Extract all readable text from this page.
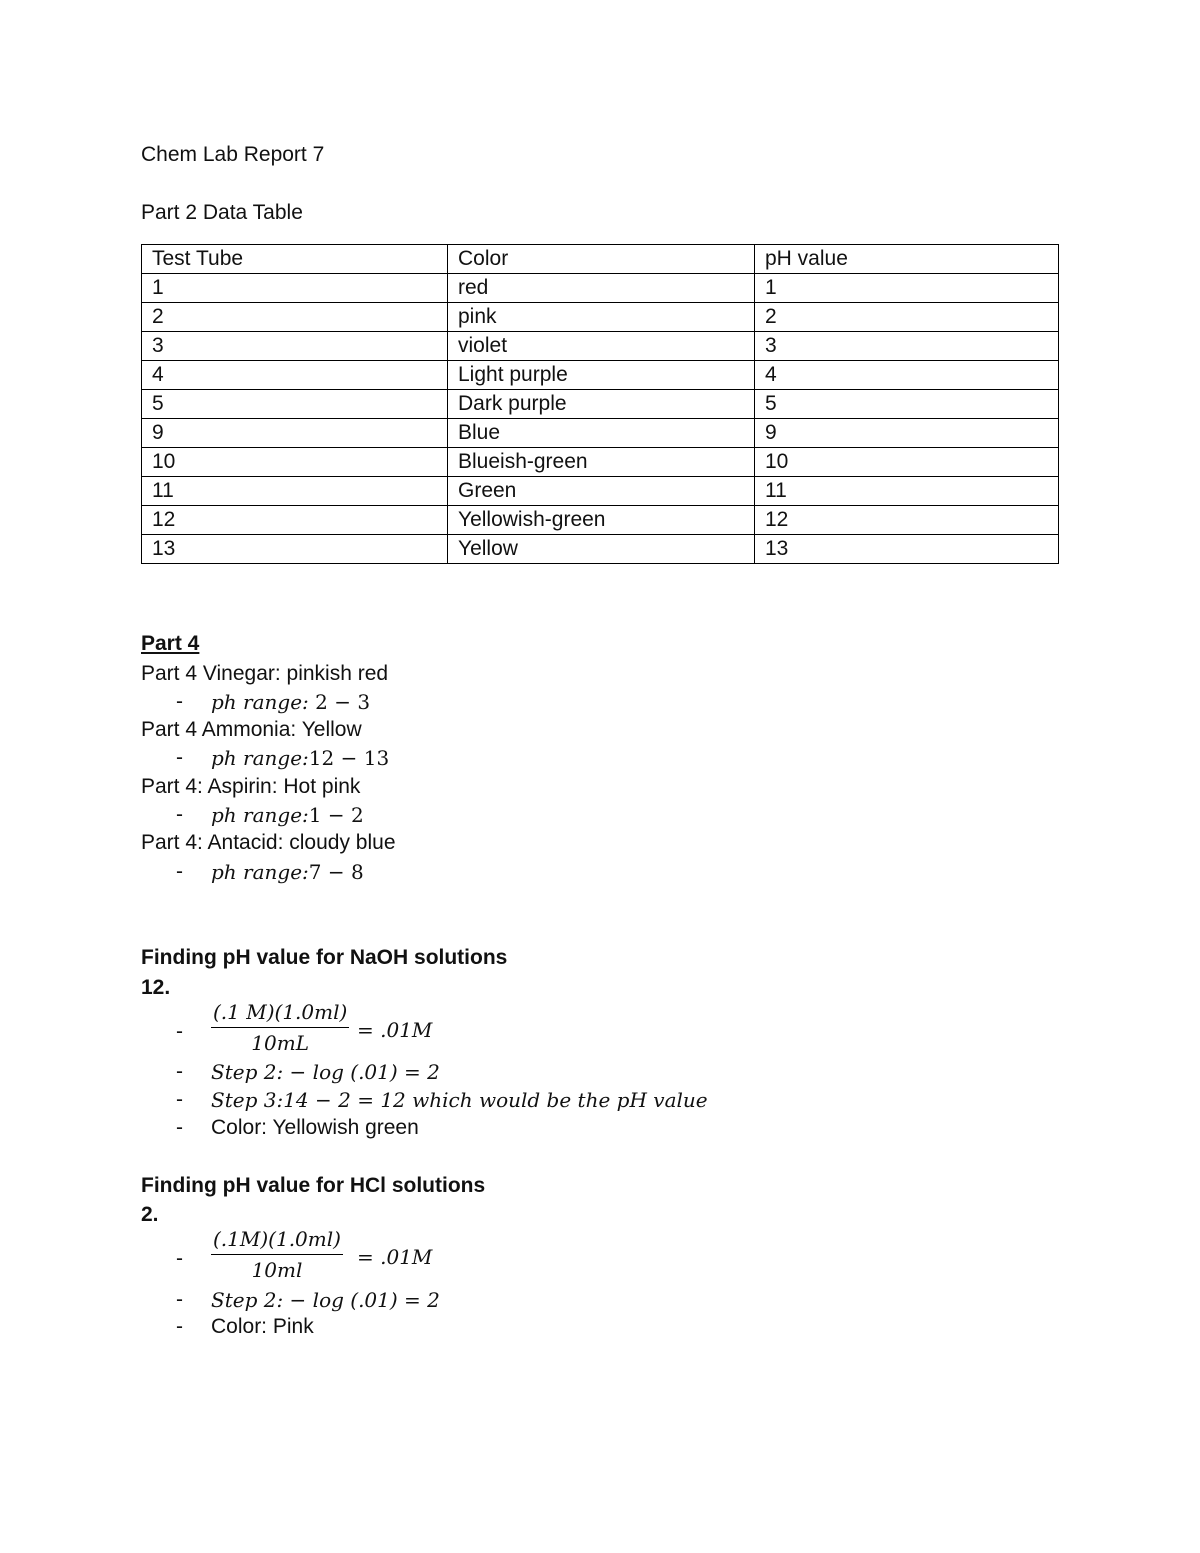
Chem Lab Report 7
Part 2 Data Table
Test Tube	Color	pH value
1	red	1
2	pink	2
3	violet	3
4	Light purple	4
5	Dark purple	5
9	Blue	9
10	Blueish-green	10
11	Green	11
12	Yellowish-green	12
13	Yellow	13
Part 4
Part 4 Vinegar: pinkish red
- ph range: 2 − 3
Part 4 Ammonia: Yellow
- ph range:12 − 13
Part 4: Aspirin: Hot pink
- ph range:1 − 2
Part 4: Antacid: cloudy blue
- ph range:7 − 8
Finding pH value for NaOH solutions
12.
- $\frac{(.1 M)(1.0ml)}{10mL} = .01M$
- Step 2: − log (.01) = 2
- Step 3:14 − 2 = 12 which would be the pH value
- Color: Yellowish green
Finding pH value for HCl solutions
2.
- $\frac{(.1M)(1.0ml)}{10ml} = .01M$
- Step 2: − log (.01) = 2
- Color: Pink
